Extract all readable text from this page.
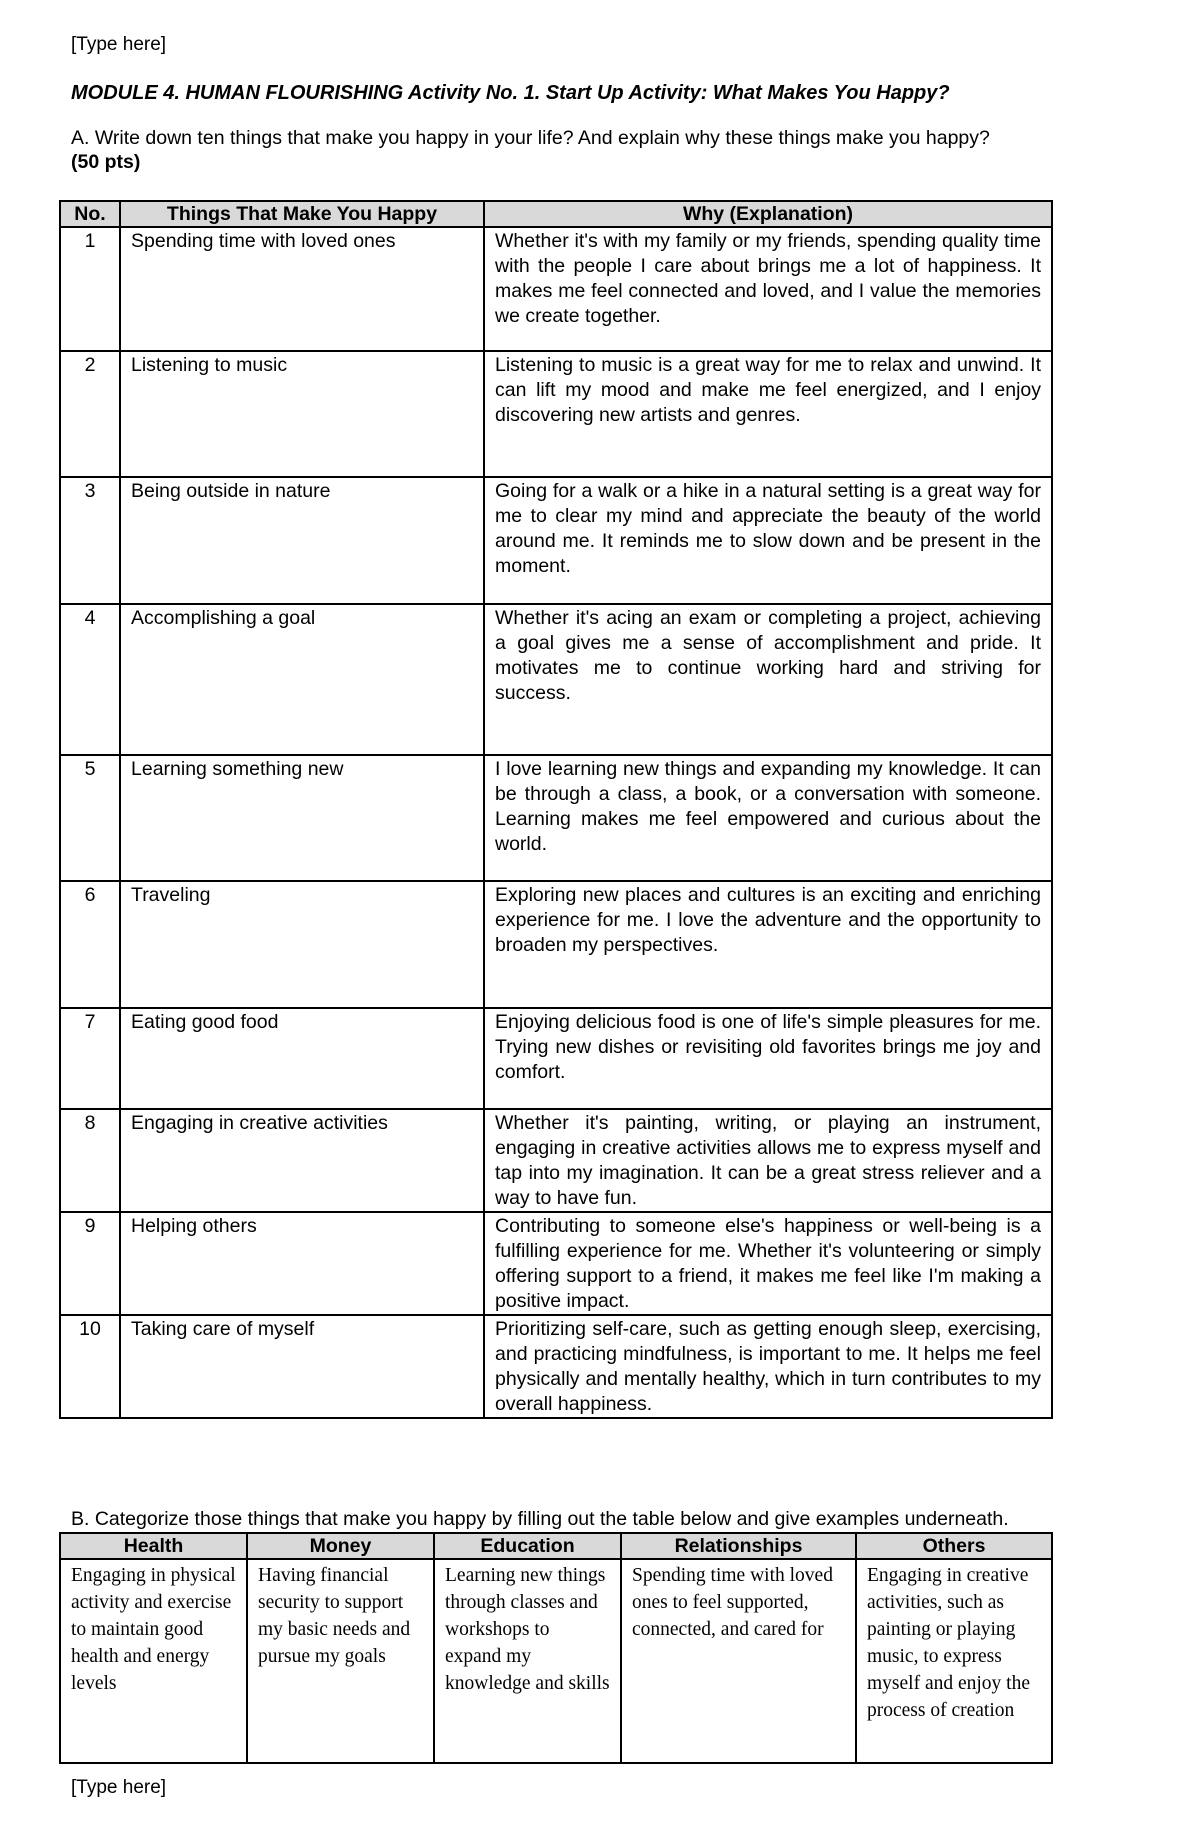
[Type here]
MODULE 4. HUMAN FLOURISHING Activity No. 1. Start Up Activity: What Makes You Happy?
A. Write down ten things that make you happy in your life? And explain why these things make you happy?
(50 pts)
No.	Things That Make You Happy	Why (Explanation)
1	Spending time with loved ones	Whether it's with my family or my friends, spending quality time with the people I care about brings me a lot of happiness. It makes me feel connected and loved, and I value the memories we create together.
2	Listening to music	Listening to music is a great way for me to relax and unwind. It can lift my mood and make me feel energized, and I enjoy discovering new artists and genres.
3	Being outside in nature	Going for a walk or a hike in a natural setting is a great way for me to clear my mind and appreciate the beauty of the world around me. It reminds me to slow down and be present in the moment.
4	Accomplishing a goal	Whether it's acing an exam or completing a project, achieving a goal gives me a sense of accomplishment and pride. It motivates me to continue working hard and striving for success.
5	Learning something new	I love learning new things and expanding my knowledge. It can be through a class, a book, or a conversation with someone. Learning makes me feel empowered and curious about the world.
6	Traveling	Exploring new places and cultures is an exciting and enriching experience for me. I love the adventure and the opportunity to broaden my perspectives.
7	Eating good food	Enjoying delicious food is one of life's simple pleasures for me. Trying new dishes or revisiting old favorites brings me joy and comfort.
8	Engaging in creative activities	Whether it's painting, writing, or playing an instrument, engaging in creative activities allows me to express myself and tap into my imagination. It can be a great stress reliever and a way to have fun.
9	Helping others	Contributing to someone else's happiness or well-being is a fulfilling experience for me. Whether it's volunteering or simply offering support to a friend, it makes me feel like I'm making a positive impact.
10	Taking care of myself	Prioritizing self-care, such as getting enough sleep, exercising, and practicing mindfulness, is important to me. It helps me feel physically and mentally healthy, which in turn contributes to my overall happiness.
B. Categorize those things that make you happy by filling out the table below and give examples underneath.
Health	Money	Education	Relationships	Others
Engaging in physical activity and exercise to maintain good health and energy levels	Having financial security to support my basic needs and pursue my goals	Learning new things through classes and workshops to expand my knowledge and skills	Spending time with loved ones to feel supported, connected, and cared for	Engaging in creative activities, such as painting or playing music, to express myself and enjoy the process of creation
[Type here]
